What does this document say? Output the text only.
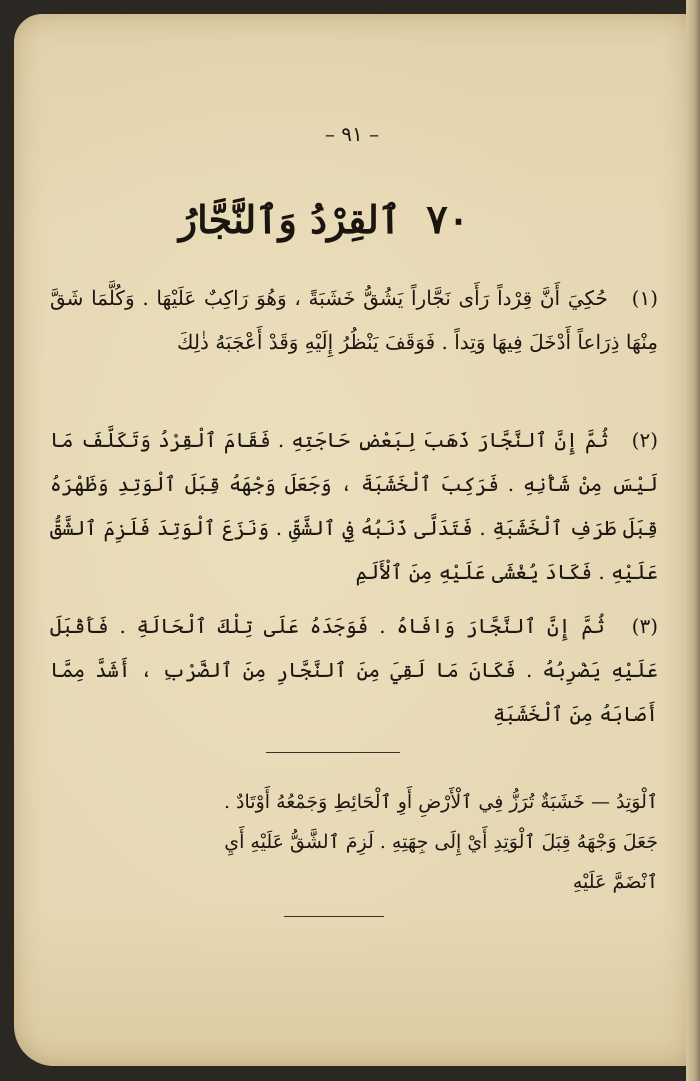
– ٩١ –
٧٠ ٱلقِرْدُ وَٱلنَّجَّارُ

(١) حُكِيَ أَنَّ قِرْداً رَأَى نَجَّاراً يَشُقُّ خَشَبَةً ، وَهُوَ رَاكِبٌ عَلَيْهَا . وَكُلَّمَا شَقَّ مِنْهَا ذِرَاعاً أَدْخَلَ فِيهَا وَتِداً . فَوَقَفَ يَنْظُرُ إِلَيْهِ وَقَدْ أَعْجَبَهُ ذٰلِكَ

(٢) ثُمَّ إِنَّ ٱلنَّجَّارَ ذَهَبَ لِبَعْضِ حَاجَتِهِ . فَقَامَ ٱلْقِرْدُ وَتَكَلَّفَ مَا لَيْسَ مِنْ شَأْنِهِ . فَرَكِبَ ٱلْخَشَبَةَ ، وَجَعَلَ وَجْهَهُ قِبَلَ ٱلْوَتِدِ وَظَهْرَهُ قِبَلَ طَرَفِ ٱلْخَشَبَةِ . فَتَدَلَّى ذَنَبُهُ فِي ٱلشَّقِّ . وَنَزَعَ ٱلْوَتِدَ فَلَزِمَ ٱلشَّقُّ عَلَيْهِ . فَكَادَ يُغْشَى عَلَيْهِ مِنَ ٱلْأَلَمِ

(٣) ثُمَّ إِنَّ ٱلنَّجَّارَ وَافَاهُ . فَوَجَدَهُ عَلَى تِلْكَ ٱلْحَالَةِ . فَأَقْبَلَ عَلَيْهِ يَضْرِبُهُ . فَكَانَ مَا لَقِيَ مِنَ ٱلنَّجَّارِ مِنَ ٱلضَّرْبِ ، أَشَدَّ مِمَّا أَصَابَهُ مِنَ ٱلْخَشَبَةِ

ٱلْوَتِدُ — خَشَبَةٌ تُرَزُّ فِي ٱلْأَرْضِ أَوِ ٱلْحَائِطِ وَجَمْعُهُ أَوْتَادٌ .
جَعَلَ وَجْهَهُ قِبَلَ ٱلْوَتِدِ أَيْ إِلَى جِهَتِهِ . لَزِمَ ٱلشَّقُّ عَلَيْهِ أَيِ
ٱنْضَمَّ عَلَيْهِ
